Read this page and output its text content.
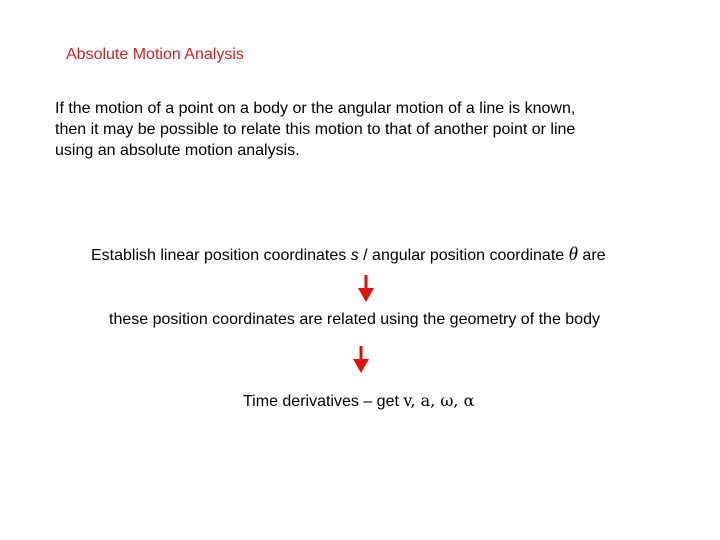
Absolute Motion Analysis
If the motion of a point on a body or the angular motion of a line is known,
then it may be possible to relate this motion to that of another point or line
using an absolute motion analysis.
Establish linear position coordinates s / angular position coordinate θ are
these position coordinates are related using the geometry of the body
Time derivatives – get v, a, ω, α
